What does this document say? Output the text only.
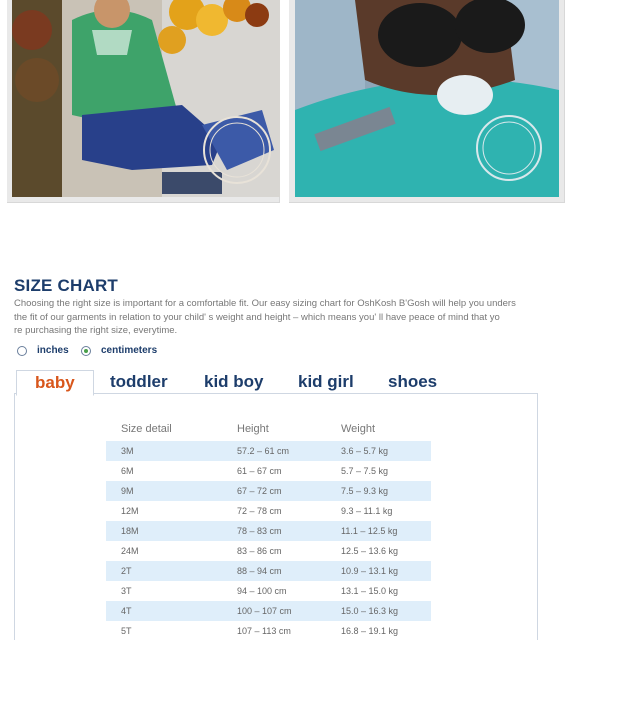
SIZE CHART
Choosing the right size is important for a comfortable fit. Our easy sizing chart for OshKosh B'Gosh will help you unders
the fit of our garments in relation to your child' s weight and height – which means you' ll have peace of mind that yo
re purchasing the right size, everytime.
inches	centimeters
baby	toddler kid boy kid girl shoes
Size detail	Height	Weight
3M	57.2 – 61 cm	3.6 – 5.7 kg
6M	61 – 67 cm	5.7 – 7.5 kg
9M	67 – 72 cm	7.5 – 9.3 kg
12M	72 – 78 cm	9.3 – 11.1 kg
18M	78 – 83 cm	11.1 – 12.5 kg
24M	83 – 86 cm	12.5 – 13.6 kg
2T	88 – 94 cm	10.9 – 13.1 kg
3T	94 – 100 cm	13.1 – 15.0 kg
4T	100 – 107 cm	15.0 – 16.3 kg
5T	107 – 113 cm	16.8 – 19.1 kg
